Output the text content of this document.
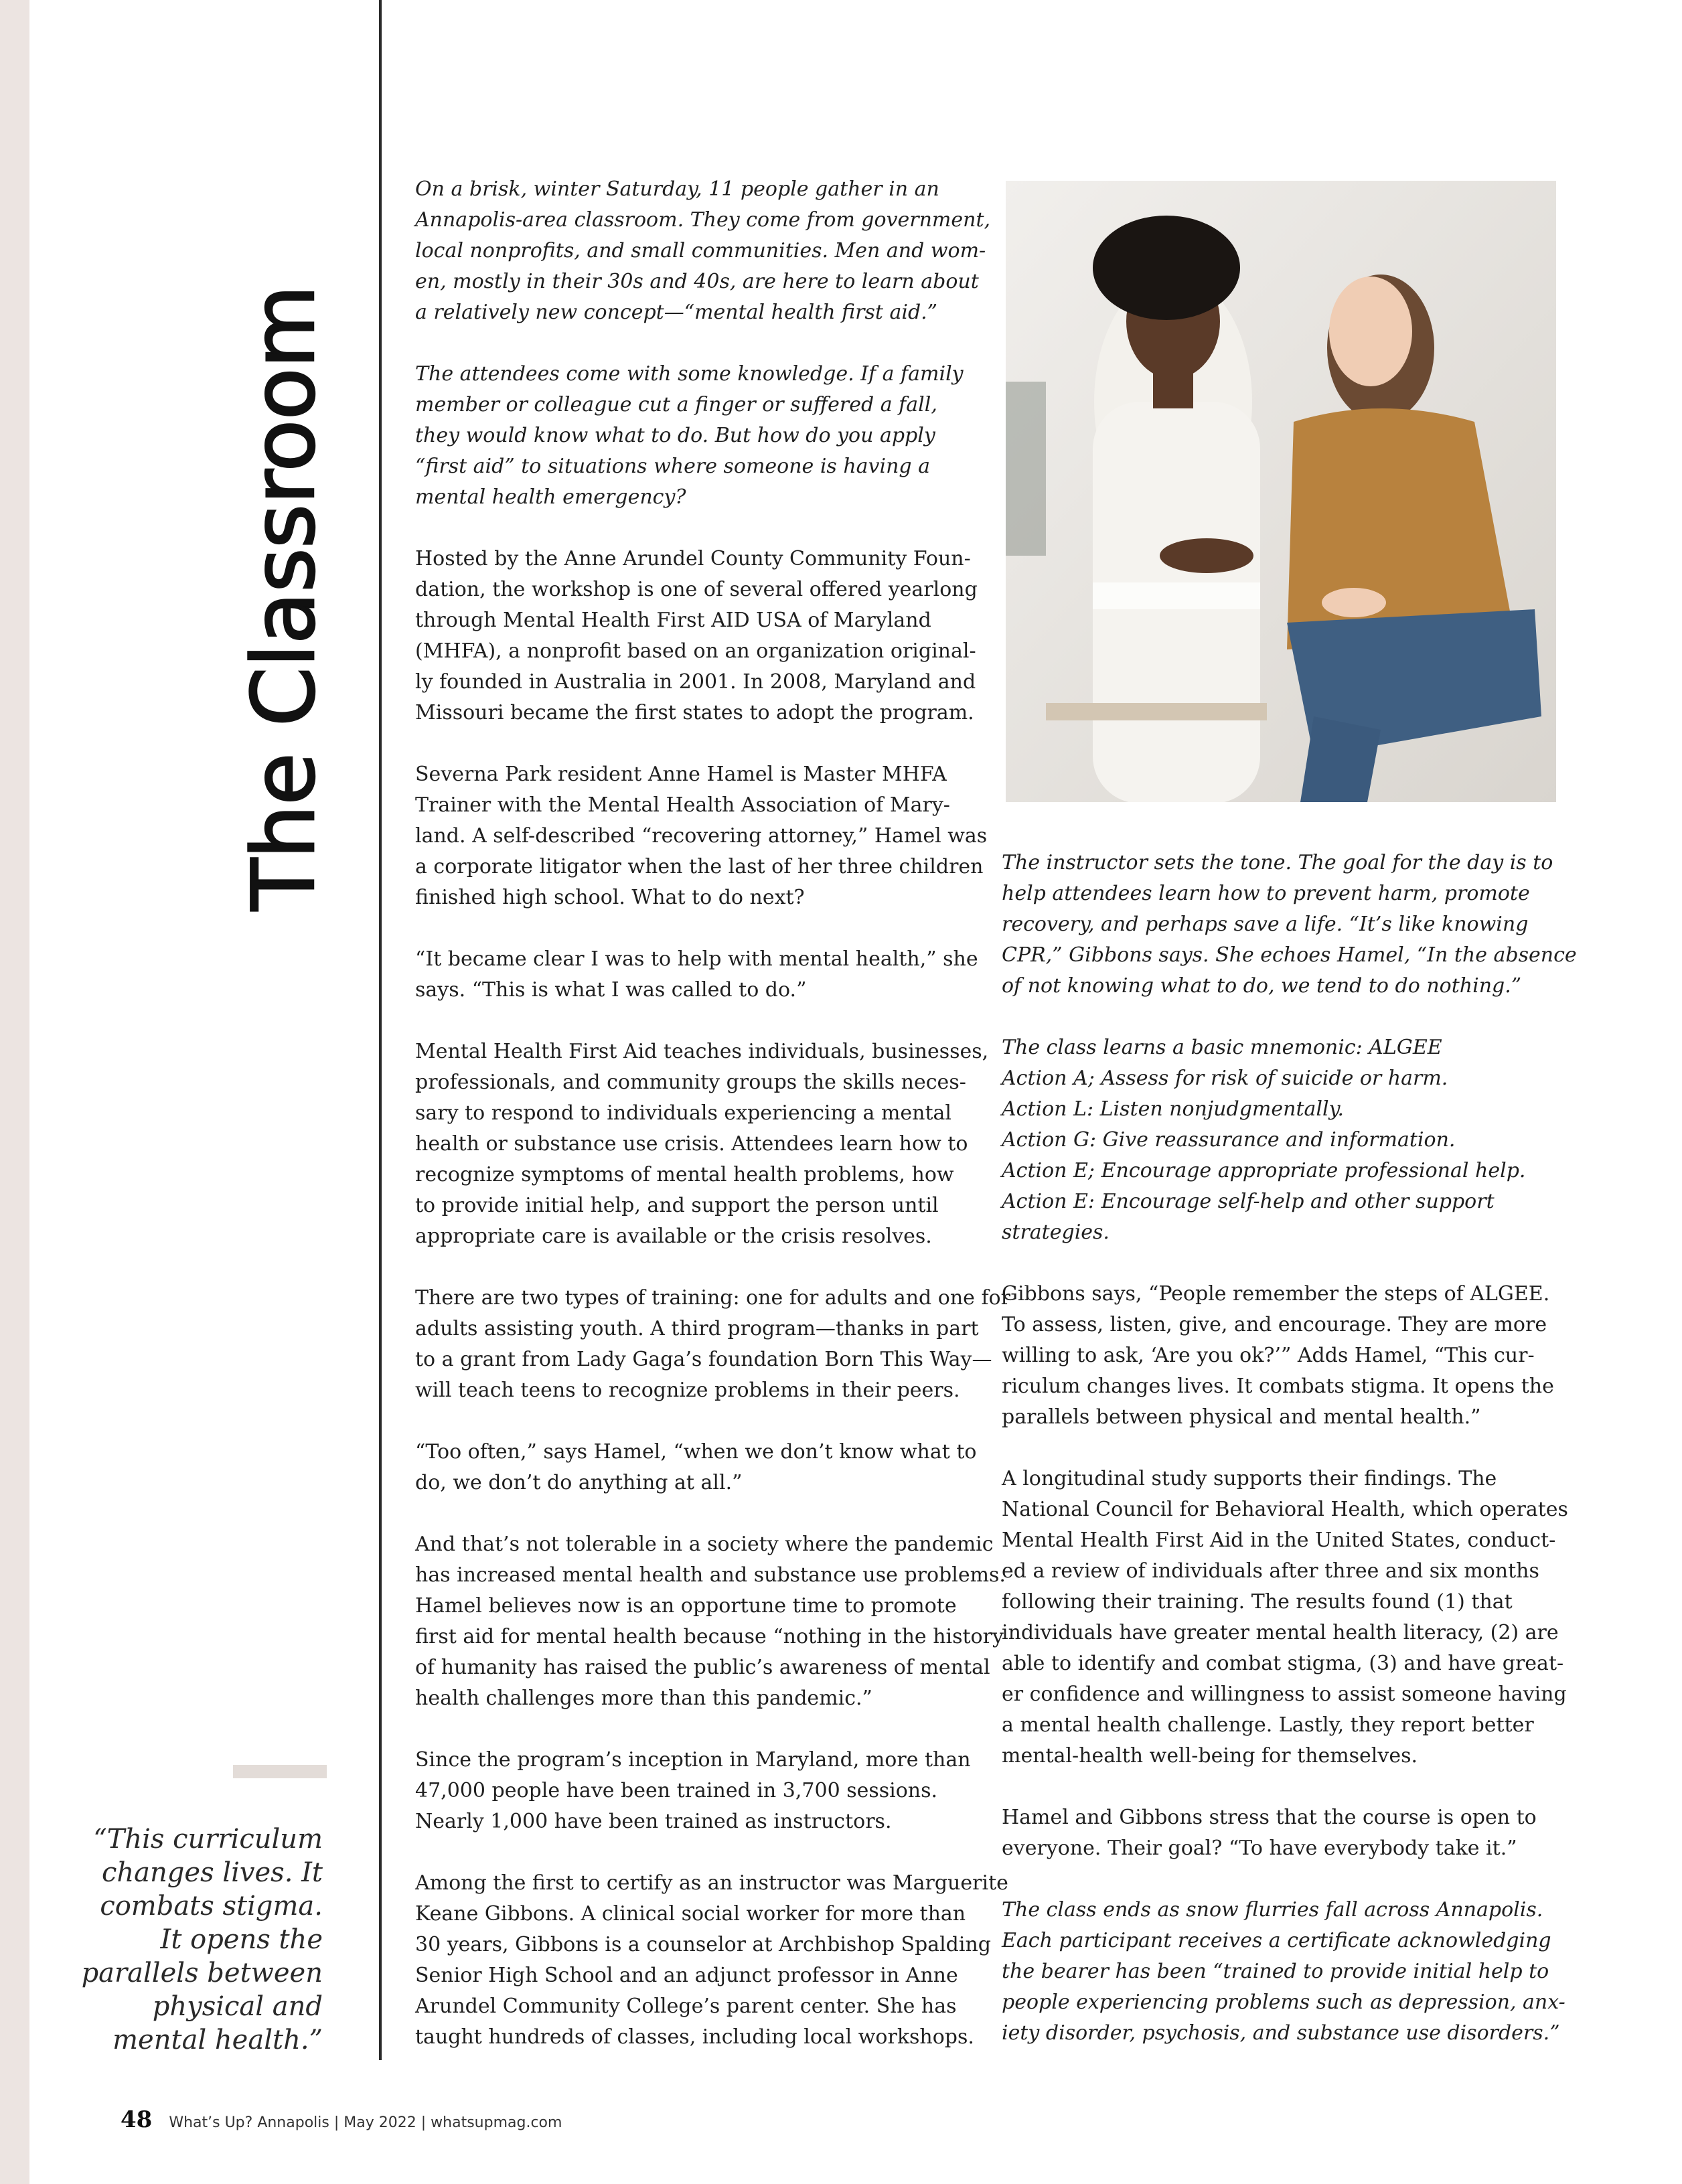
The Classroom

“This curriculum

changes lives. It

combats stigma.

It opens the

parallels between

physical and

mental health.”

On a brisk, winter Saturday, 11 people gather in an
Annapolis-area classroom. They come from government,
local nonprofits, and small communities. Men and wom-
en, mostly in their 30s and 40s, are here to learn about
a relatively new concept—“mental health first aid.”

The attendees come with some knowledge. If a family
member or colleague cut a finger or suffered a fall,
they would know what to do. But how do you apply
“first aid” to situations where someone is having a
mental health emergency?

Hosted by the Anne Arundel County Community Foun-
dation, the workshop is one of several offered yearlong
through Mental Health First AID USA of Maryland
(MHFA), a nonprofit based on an organization original-
ly founded in Australia in 2001. In 2008, Maryland and
Missouri became the first states to adopt the program.

Severna Park resident Anne Hamel is Master MHFA
Trainer with the Mental Health Association of Mary-
land. A self-described “recovering attorney,” Hamel was
a corporate litigator when the last of her three children
finished high school. What to do next?

“It became clear I was to help with mental health,” she
says. “This is what I was called to do.”

Mental Health First Aid teaches individuals, businesses,
professionals, and community groups the skills neces-
sary to respond to individuals experiencing a mental
health or substance use crisis. Attendees learn how to
recognize symptoms of mental health problems, how
to provide initial help, and support the person until
appropriate care is available or the crisis resolves.

There are two types of training: one for adults and one for
adults assisting youth. A third program—thanks in part
to a grant from Lady Gaga’s foundation Born This Way—
will teach teens to recognize problems in their peers.

“Too often,” says Hamel, “when we don’t know what to
do, we don’t do anything at all.”

And that’s not tolerable in a society where the pandemic
has increased mental health and substance use problems.
Hamel believes now is an opportune time to promote
first aid for mental health because “nothing in the history
of humanity has raised the public’s awareness of mental
health challenges more than this pandemic.”

Since the program’s inception in Maryland, more than
47,000 people have been trained in 3,700 sessions.
Nearly 1,000 have been trained as instructors.

Among the first to certify as an instructor was Marguerite
Keane Gibbons. A clinical social worker for more than
30 years, Gibbons is a counselor at Archbishop Spalding
Senior High School and an adjunct professor in Anne
Arundel Community College’s parent center. She has
taught hundreds of classes, including local workshops.

The instructor sets the tone. The goal for the day is to
help attendees learn how to prevent harm, promote
recovery, and perhaps save a life. “It’s like knowing
CPR,” Gibbons says. She echoes Hamel, “In the absence
of not knowing what to do, we tend to do nothing.”

The class learns a basic mnemonic: ALGEE
Action A; Assess for risk of suicide or harm.
Action L: Listen nonjudgmentally.
Action G: Give reassurance and information.
Action E; Encourage appropriate professional help.
Action E: Encourage self-help and other support
strategies.

Gibbons says, “People remember the steps of ALGEE.
To assess, listen, give, and encourage. They are more
willing to ask, ‘Are you ok?’” Adds Hamel, “This cur-
riculum changes lives. It combats stigma. It opens the
parallels between physical and mental health.”

A longitudinal study supports their findings. The
National Council for Behavioral Health, which operates
Mental Health First Aid in the United States, conduct-
ed a review of individuals after three and six months
following their training. The results found (1) that
individuals have greater mental health literacy, (2) are
able to identify and combat stigma, (3) and have great-
er confidence and willingness to assist someone having
a mental health challenge. Lastly, they report better
mental-health well-being for themselves.

Hamel and Gibbons stress that the course is open to
everyone. Their goal? “To have everybody take it.”

The class ends as snow flurries fall across Annapolis.
Each participant receives a certificate acknowledging
the bearer has been “trained to provide initial help to
people experiencing problems such as depression, anx-
iety disorder, psychosis, and substance use disorders.”

48 What’s Up? Annapolis | May 2022 | whatsupmag.com
